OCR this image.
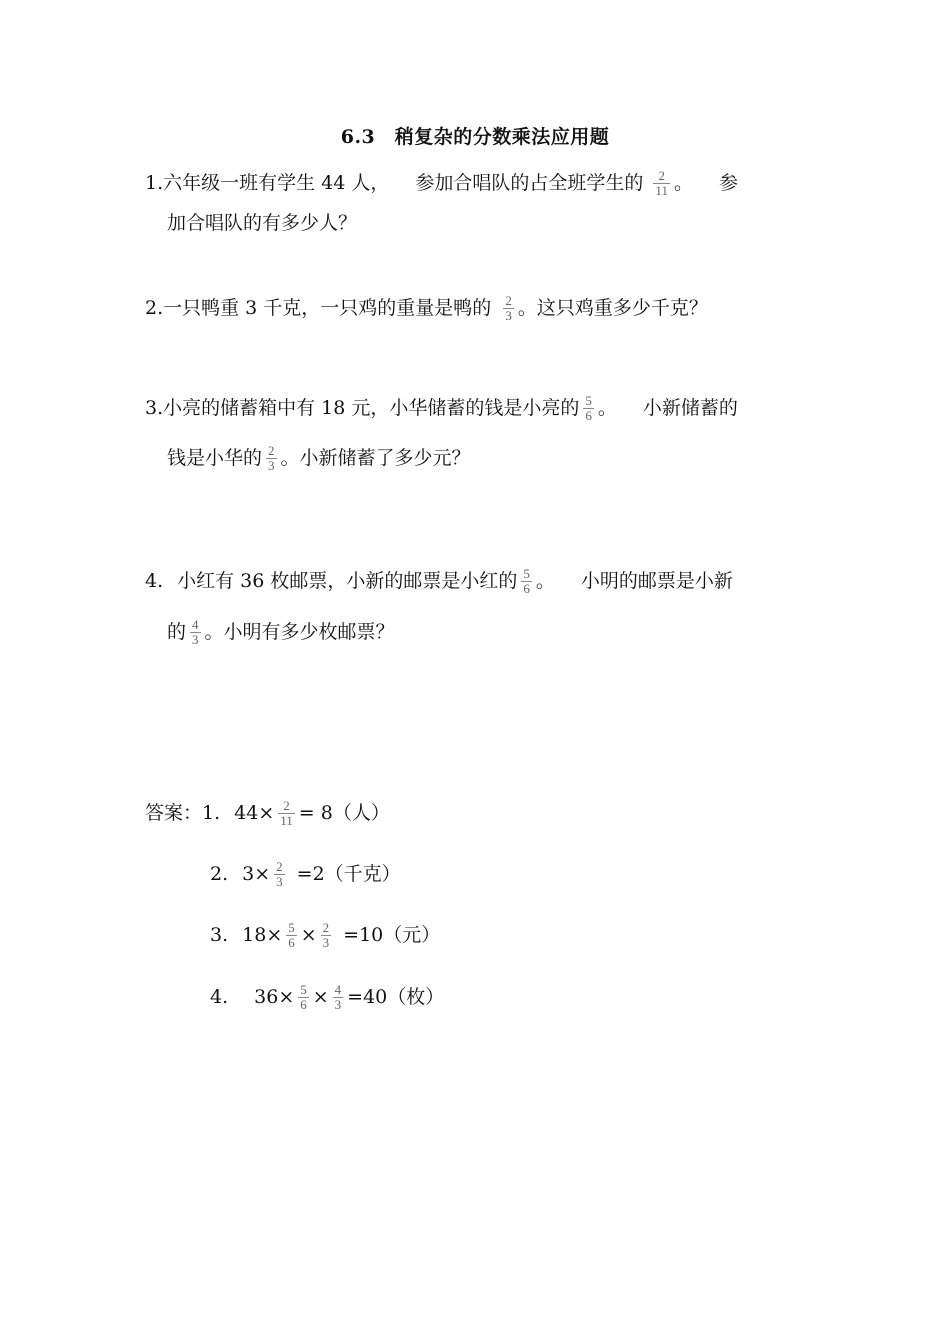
6.3　稍复杂的分数乘法应用题
1.六年级一班有学生 44 人， 参加合唱队的占全班学生的 $\frac{2}{11}$ 。 参
加合唱队的有多少人？
2.一只鸭重 3 千克，一只鸡的重量是鸭的 $\frac{2}{3}$ 。这只鸡重多少千克？
3.小亮的储蓄箱中有 18 元，小华储蓄的钱是小亮的 $\frac{5}{6}$ 。 小新储蓄的
钱是小华的 $\frac{2}{3}$ 。小新储蓄了多少元？
4. 小红有 36 枚邮票，小新的邮票是小红的 $\frac{5}{6}$ 。 小明的邮票是小新
的 $\frac{4}{3}$ 。小明有多少枚邮票？
答案：1. $44\times \frac{2}{11} = 8$（人）
2. $3\times \frac{2}{3} =2$（千克）
3. $18\times \frac{5}{6} \times \frac{2}{3} =10$（元）
4. $36\times \frac{5}{6} \times \frac{4}{3} =40$（枚）
